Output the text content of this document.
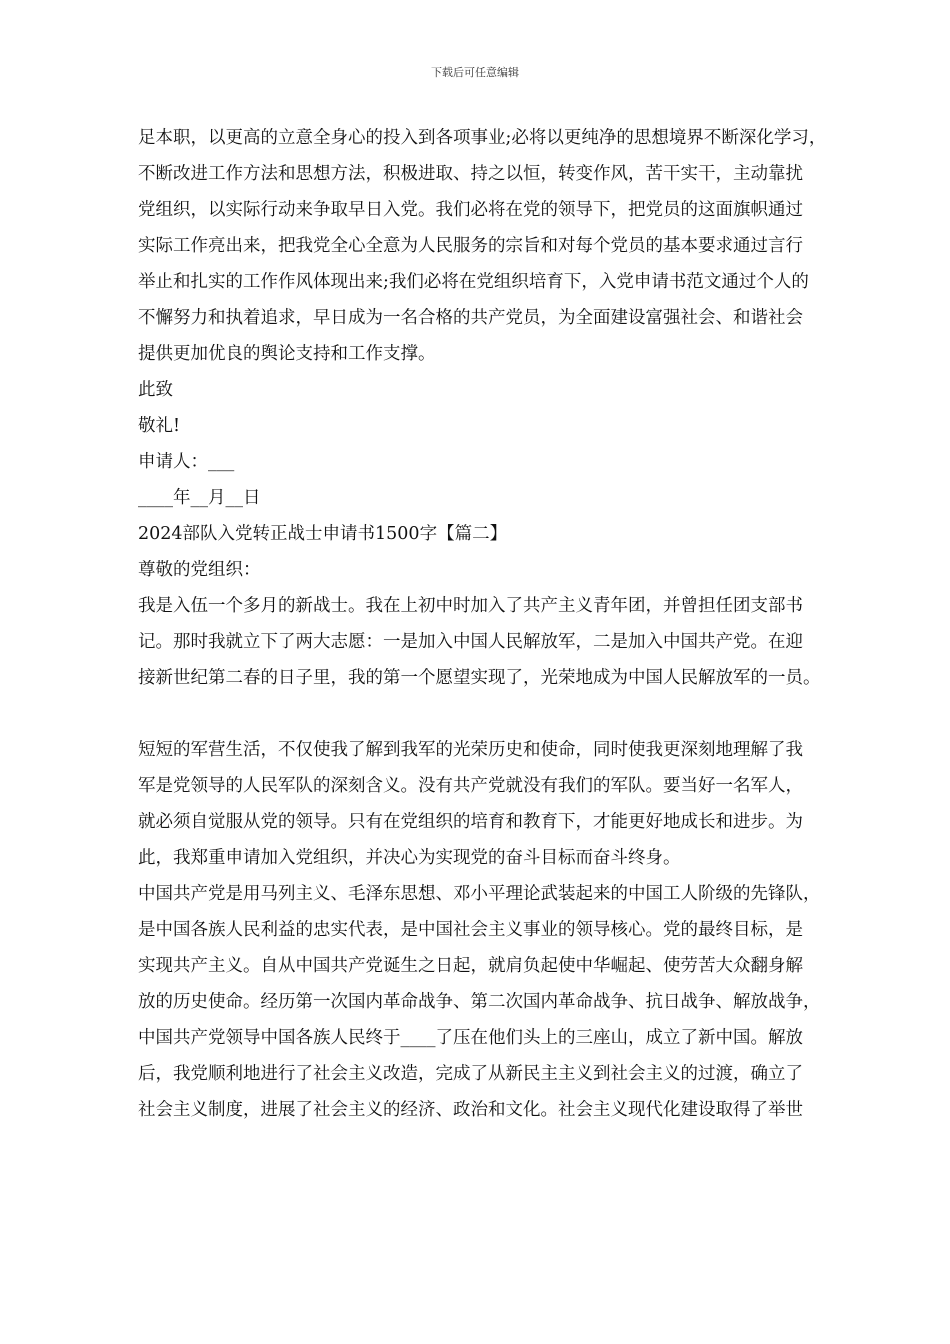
下载后可任意编辑
足本职，以更高的立意全身心的投入到各项事业;必将以更纯净的思想境界不断深化学习，
不断改进工作方法和思想方法，积极进取、持之以恒，转变作风，苦干实干，主动靠扰
党组织，以实际行动来争取早日入党。我们必将在党的领导下，把党员的这面旗帜通过
实际工作亮出来，把我党全心全意为人民服务的宗旨和对每个党员的基本要求通过言行
举止和扎实的工作作风体现出来;我们必将在党组织培育下，入党申请书范文通过个人的
不懈努力和执着追求，早日成为一名合格的共产党员，为全面建设富强社会、和谐社会
提供更加优良的舆论支持和工作支撑。
此致
敬礼!
申请人：___
____年__月__日
2024部队入党转正战士申请书1500字【篇二】
尊敬的党组织：
我是入伍一个多月的新战士。我在上初中时加入了共产主义青年团，并曾担任团支部书
记。那时我就立下了两大志愿：一是加入中国人民解放军，二是加入中国共产党。在迎
接新世纪第二春的日子里，我的第一个愿望实现了，光荣地成为中国人民解放军的一员。
短短的军营生活，不仅使我了解到我军的光荣历史和使命，同时使我更深刻地理解了我
军是党领导的人民军队的深刻含义。没有共产党就没有我们的军队。要当好一名军人，
就必须自觉服从党的领导。只有在党组织的培育和教育下，才能更好地成长和进步。为
此，我郑重申请加入党组织，并决心为实现党的奋斗目标而奋斗终身。
中国共产党是用马列主义、毛泽东思想、邓小平理论武装起来的中国工人阶级的先锋队，
是中国各族人民利益的忠实代表，是中国社会主义事业的领导核心。党的最终目标，是
实现共产主义。自从中国共产党诞生之日起，就肩负起使中华崛起、使劳苦大众翻身解
放的历史使命。经历第一次国内革命战争、第二次国内革命战争、抗日战争、解放战争，
中国共产党领导中国各族人民终于____了压在他们头上的三座山，成立了新中国。解放
后，我党顺利地进行了社会主义改造，完成了从新民主主义到社会主义的过渡，确立了
社会主义制度，进展了社会主义的经济、政治和文化。社会主义现代化建设取得了举世
